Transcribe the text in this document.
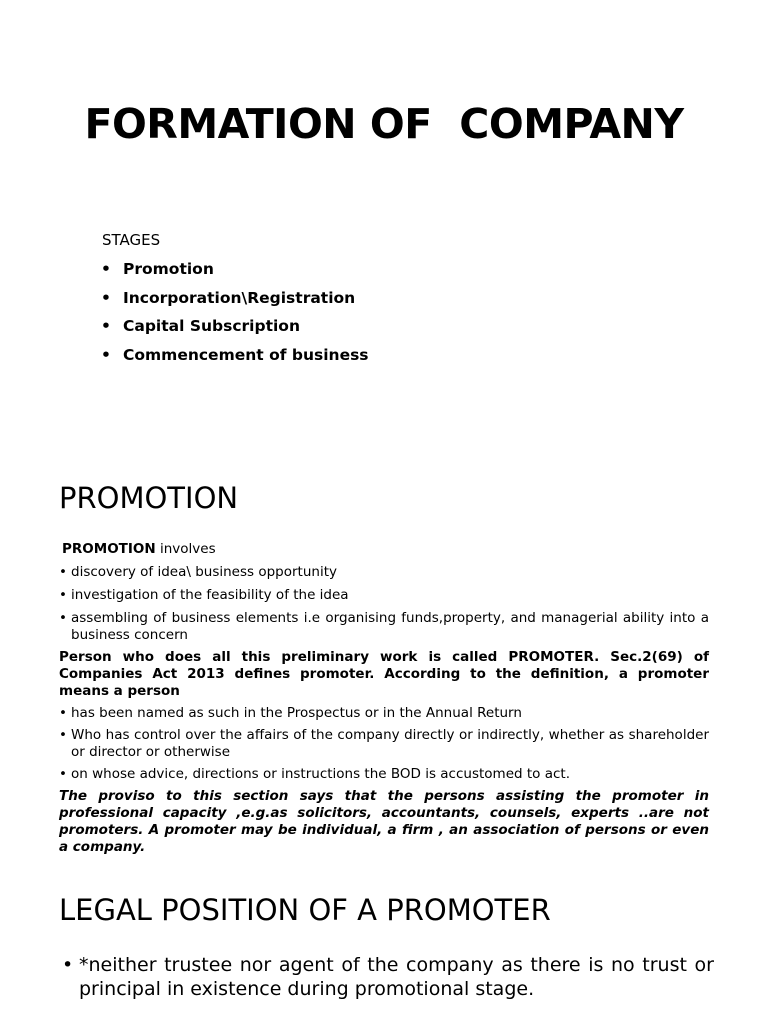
FORMATION OF  COMPANY
STAGES
• Promotion
• Incorporation\Registration
• Capital Subscription
• Commencement of business
PROMOTION
PROMOTION involves
• discovery of idea\ business opportunity
• investigation of the feasibility of the idea
• assembling of business elements i.e organising funds,property, and managerial ability into a business concern
Person who does all this preliminary work is called PROMOTER. Sec.2(69) of Companies Act 2013 defines promoter. According to the definition, a promoter means a person
• has been named as such in the Prospectus or in the Annual Return
• Who has control over the affairs of the company directly or indirectly, whether as shareholder or director or otherwise
• on whose advice, directions or instructions the BOD is accustomed to act.
The proviso to this section says that the persons assisting the promoter in professional capacity ,e.g.as solicitors, accountants, counsels, experts ..are not promoters. A promoter may be individual, a firm , an association of persons or even a company.
LEGAL POSITION OF A PROMOTER
• *neither trustee nor agent of the company as there is no trust or principal in existence during promotional stage.
